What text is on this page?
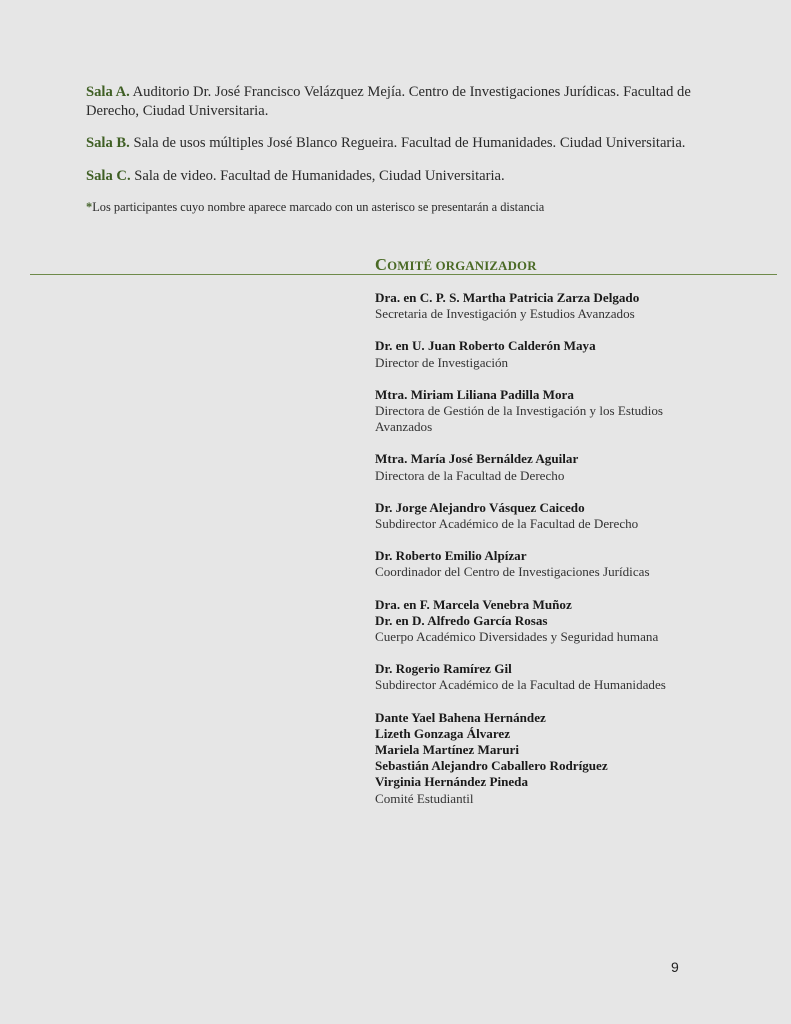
Sala A. Auditorio Dr. José Francisco Velázquez Mejía. Centro de Investigaciones Jurídicas. Facultad de Derecho, Ciudad Universitaria.

Sala B. Sala de usos múltiples José Blanco Regueira. Facultad de Humanidades. Ciudad Universitaria.

Sala C. Sala de video. Facultad de Humanidades, Ciudad Universitaria.

*Los participantes cuyo nombre aparece marcado con un asterisco se presentarán a distancia

COMITÉ ORGANIZADOR
Dra. en C. P. S. Martha Patricia Zarza Delgado
Secretaria de Investigación y Estudios Avanzados
Dr. en U. Juan Roberto Calderón Maya
Director de Investigación
Mtra. Miriam Liliana Padilla Mora
Directora de Gestión de la Investigación y los Estudios Avanzados
Mtra. María José Bernáldez Aguilar
Directora de la Facultad de Derecho
Dr. Jorge Alejandro Vásquez Caicedo
Subdirector Académico de la Facultad de Derecho
Dr. Roberto Emilio Alpízar
Coordinador del Centro de Investigaciones Jurídicas
Dra. en F. Marcela Venebra Muñoz
Dr. en D. Alfredo García Rosas
Cuerpo Académico Diversidades y Seguridad humana
Dr. Rogerio Ramírez Gil
Subdirector Académico de la Facultad de Humanidades
Dante Yael Bahena Hernández
Lizeth Gonzaga Álvarez
Mariela Martínez Maruri
Sebastián Alejandro Caballero Rodríguez
Virginia Hernández Pineda
Comité Estudiantil
9
